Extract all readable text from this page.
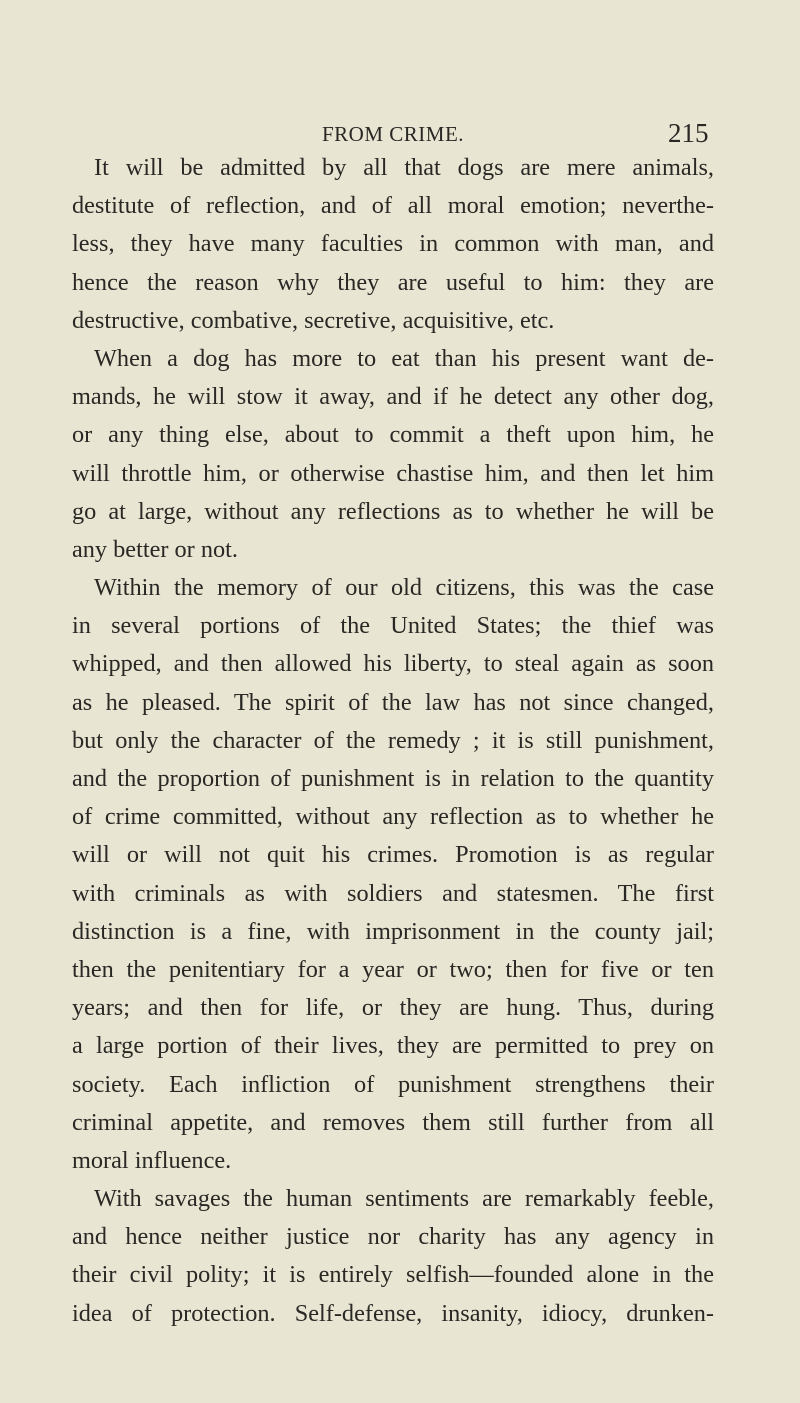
FROM CRIME.	215
It will be admitted by all that dogs are mere animals,
destitute of reflection, and of all moral emotion; neverthe-
less, they have many faculties in common with man, and
hence the reason why they are useful to him: they are
destructive, combative, secretive, acquisitive, etc.
When a dog has more to eat than his present want de-
mands, he will stow it away, and if he detect any other dog,
or any thing else, about to commit a theft upon him, he
will throttle him, or otherwise chastise him, and then let him
go at large, without any reflections as to whether he will be
any better or not.
Within the memory of our old citizens, this was the case
in several portions of the United States; the thief was
whipped, and then allowed his liberty, to steal again as soon
as he pleased. The spirit of the law has not since changed,
but only the character of the remedy ; it is still punishment,
and the proportion of punishment is in relation to the quantity
of crime committed, without any reflection as to whether he
will or will not quit his crimes. Promotion is as regular
with criminals as with soldiers and statesmen. The first
distinction is a fine, with imprisonment in the county jail;
then the penitentiary for a year or two; then for five or ten
years; and then for life, or they are hung. Thus, during
a large portion of their lives, they are permitted to prey on
society. Each infliction of punishment strengthens their
criminal appetite, and removes them still further from all
moral influence.
With savages the human sentiments are remarkably feeble,
and hence neither justice nor charity has any agency in
their civil polity; it is entirely selfish—founded alone in the
idea of protection. Self-defense, insanity, idiocy, drunken-
